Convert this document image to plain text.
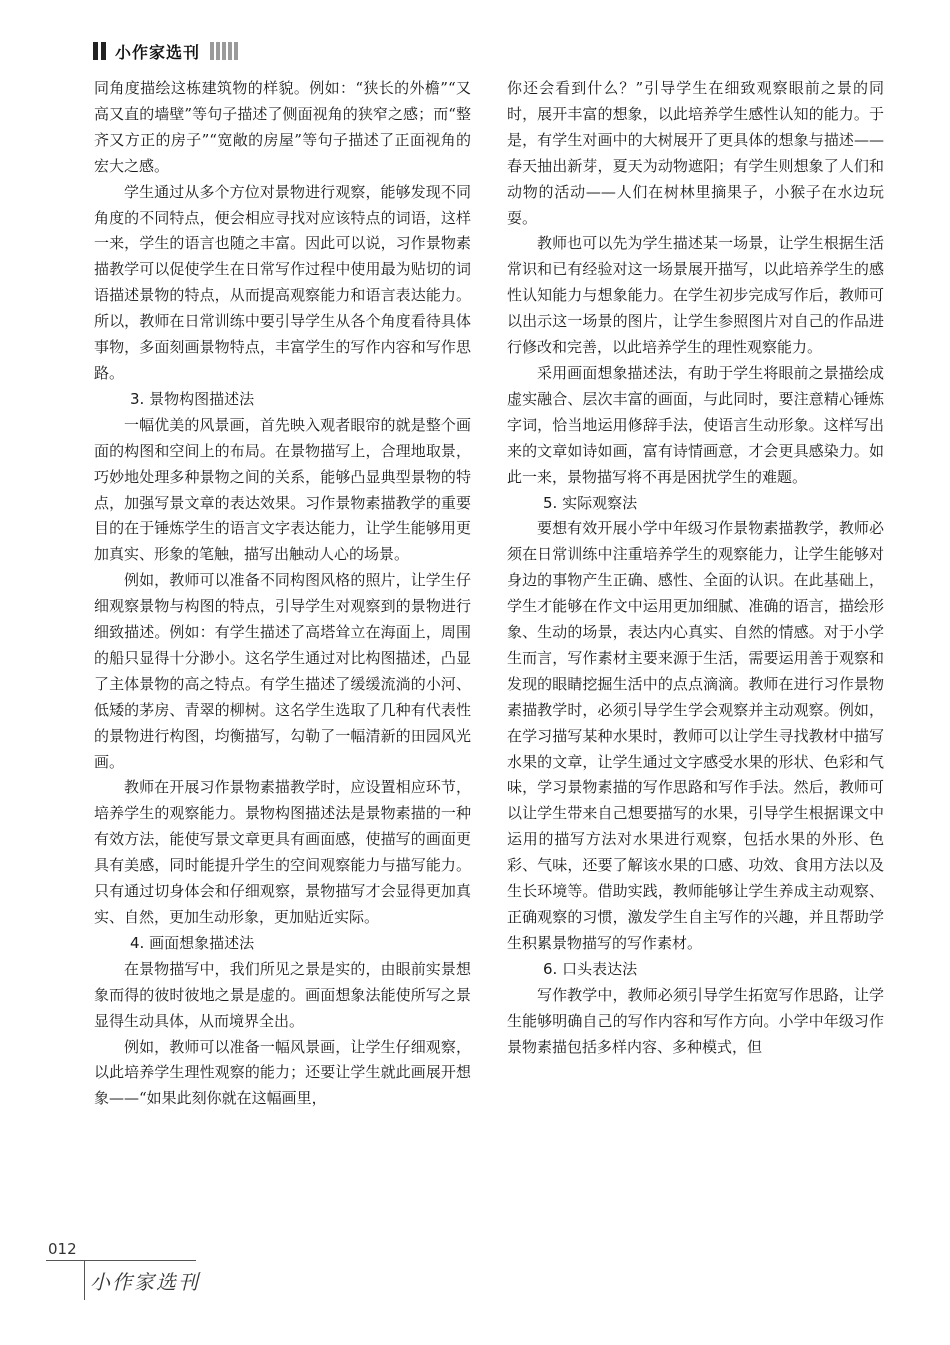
小作家选刊

同角度描绘这栋建筑物的样貌。例如：“狭长的外檐”“又高又直的墙壁”等句子描述了侧面视角的狭窄之感；而“整齐又方正的房子”“宽敞的房屋”等句子描述了正面视角的宏大之感。

学生通过从多个方位对景物进行观察，能够发现不同角度的不同特点，便会相应寻找对应该特点的词语，这样一来，学生的语言也随之丰富。因此可以说，习作景物素描教学可以促使学生在日常写作过程中使用最为贴切的词语描述景物的特点，从而提高观察能力和语言表达能力。所以，教师在日常训练中要引导学生从各个角度看待具体事物，多面刻画景物特点，丰富学生的写作内容和写作思路。

3. 景物构图描述法

一幅优美的风景画，首先映入观者眼帘的就是整个画面的构图和空间上的布局。在景物描写上，合理地取景，巧妙地处理多种景物之间的关系，能够凸显典型景物的特点，加强写景文章的表达效果。习作景物素描教学的重要目的在于锤炼学生的语言文字表达能力，让学生能够用更加真实、形象的笔触，描写出触动人心的场景。

例如，教师可以准备不同构图风格的照片，让学生仔细观察景物与构图的特点，引导学生对观察到的景物进行细致描述。例如：有学生描述了高塔耸立在海面上，周围的船只显得十分渺小。这名学生通过对比构图描述，凸显了主体景物的高之特点。有学生描述了缓缓流淌的小河、低矮的茅房、青翠的柳树。这名学生选取了几种有代表性的景物进行构图，均衡描写，勾勒了一幅清新的田园风光画。

教师在开展习作景物素描教学时，应设置相应环节，培养学生的观察能力。景物构图描述法是景物素描的一种有效方法，能使写景文章更具有画面感，使描写的画面更具有美感，同时能提升学生的空间观察能力与描写能力。只有通过切身体会和仔细观察，景物描写才会显得更加真实、自然，更加生动形象，更加贴近实际。

4. 画面想象描述法

在景物描写中，我们所见之景是实的，由眼前实景想象而得的彼时彼地之景是虚的。画面想象法能使所写之景显得生动具体，从而境界全出。

例如，教师可以准备一幅风景画，让学生仔细观察，以此培养学生理性观察的能力；还要让学生就此画展开想象——“如果此刻你就在这幅画里，

你还会看到什么？”引导学生在细致观察眼前之景的同时，展开丰富的想象，以此培养学生感性认知的能力。于是，有学生对画中的大树展开了更具体的想象与描述——春天抽出新芽，夏天为动物遮阳；有学生则想象了人们和动物的活动——人们在树林里摘果子，小猴子在水边玩耍。

教师也可以先为学生描述某一场景，让学生根据生活常识和已有经验对这一场景展开描写，以此培养学生的感性认知能力与想象能力。在学生初步完成写作后，教师可以出示这一场景的图片，让学生参照图片对自己的作品进行修改和完善，以此培养学生的理性观察能力。

采用画面想象描述法，有助于学生将眼前之景描绘成虚实融合、层次丰富的画面，与此同时，要注意精心锤炼字词，恰当地运用修辞手法，使语言生动形象。这样写出来的文章如诗如画，富有诗情画意，才会更具感染力。如此一来，景物描写将不再是困扰学生的难题。

5. 实际观察法

要想有效开展小学中年级习作景物素描教学，教师必须在日常训练中注重培养学生的观察能力，让学生能够对身边的事物产生正确、感性、全面的认识。在此基础上，学生才能够在作文中运用更加细腻、准确的语言，描绘形象、生动的场景，表达内心真实、自然的情感。对于小学生而言，写作素材主要来源于生活，需要运用善于观察和发现的眼睛挖掘生活中的点点滴滴。教师在进行习作景物素描教学时，必须引导学生学会观察并主动观察。例如，在学习描写某种水果时，教师可以让学生寻找教材中描写水果的文章，让学生通过文字感受水果的形状、色彩和气味，学习景物素描的写作思路和写作手法。然后，教师可以让学生带来自己想要描写的水果，引导学生根据课文中运用的描写方法对水果进行观察，包括水果的外形、色彩、气味，还要了解该水果的口感、功效、食用方法以及生长环境等。借助实践，教师能够让学生养成主动观察、正确观察的习惯，激发学生自主写作的兴趣，并且帮助学生积累景物描写的写作素材。

6. 口头表达法

写作教学中，教师必须引导学生拓宽写作思路，让学生能够明确自己的写作内容和写作方向。小学中年级习作景物素描包括多样内容、多种模式，但

012
小作家选刊
